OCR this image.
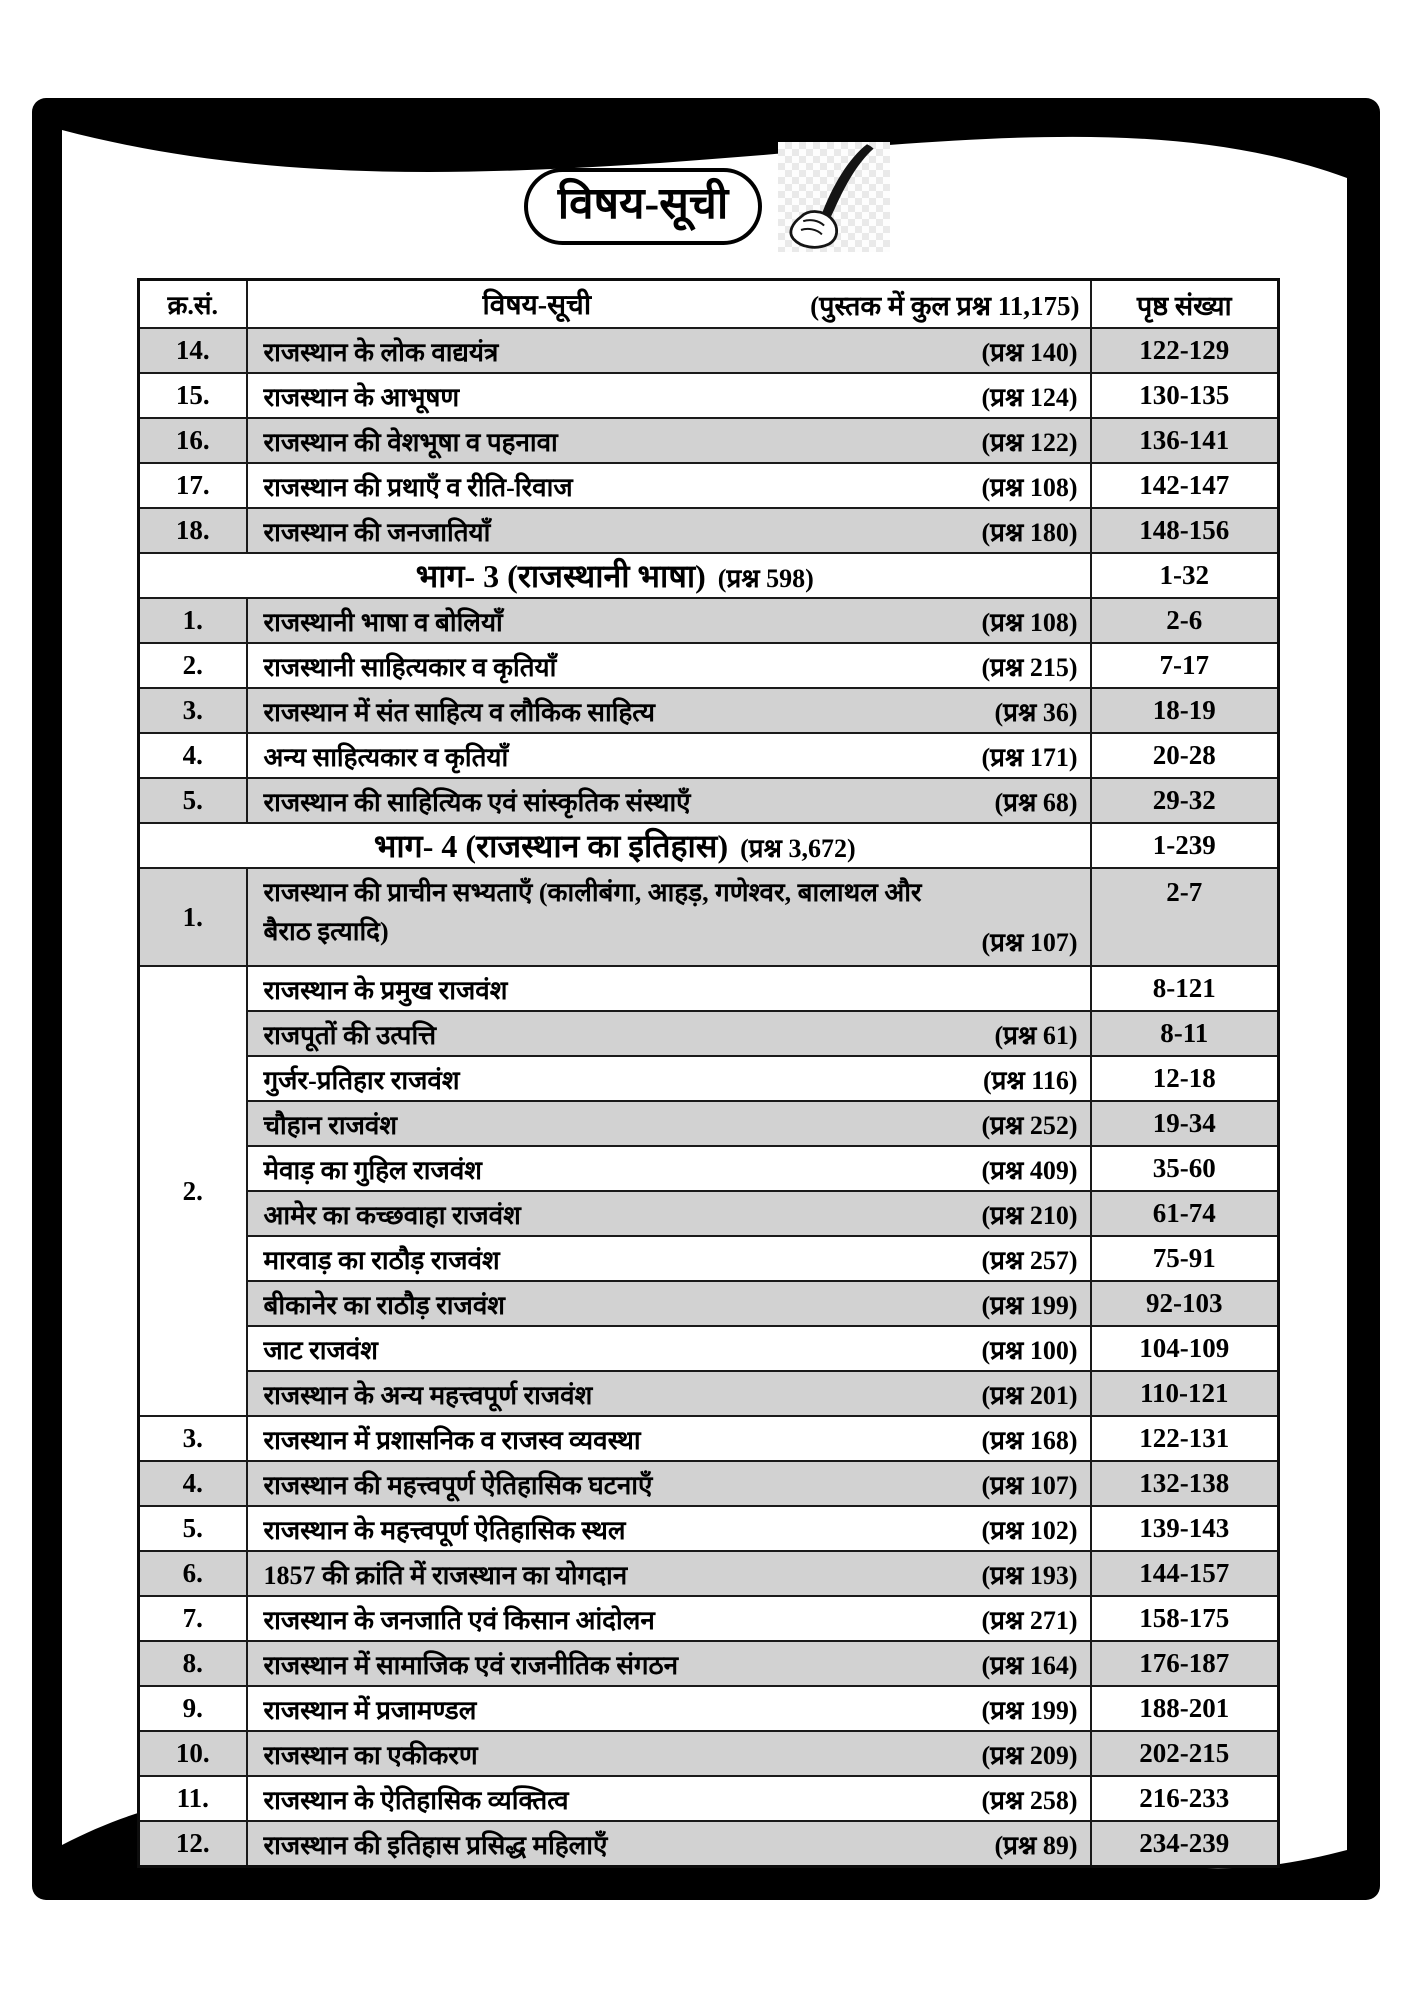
विषय-सूची
क्र.सं.	विषय-सूची (पुस्तक में कुल प्रश्न 11,175)	पृष्ठ संख्या
14.	राजस्थान के लोक वाद्ययंत्र (प्रश्न 140)	122-129
15.	राजस्थान के आभूषण (प्रश्न 124)	130-135
16.	राजस्थान की वेशभूषा व पहनावा (प्रश्न 122)	136-141
17.	राजस्थान की प्रथाएँ व रीति-रिवाज (प्रश्न 108)	142-147
18.	राजस्थान की जनजातियाँ (प्रश्न 180)	148-156

भाग- 3 (राजस्थानी भाषा) (प्रश्न 598)		1-32
1.	राजस्थानी भाषा व बोलियाँ (प्रश्न 108)	2-6
2.	राजस्थानी साहित्यकार व कृतियाँ (प्रश्न 215)	7-17
3.	राजस्थान में संत साहित्य व लौकिक साहित्य (प्रश्न 36)	18-19
4.	अन्य साहित्यकार व कृतियाँ (प्रश्न 171)	20-28
5.	राजस्थान की साहित्यिक एवं सांस्कृतिक संस्थाएँ (प्रश्न 68)	29-32

भाग- 4 (राजस्थान का इतिहास) (प्रश्न 3,672)		1-239
1.	राजस्थान की प्राचीन सभ्यताएँ (कालीबंगा, आहड़, गणेश्वर, बालाथल और बैराठ इत्यादि) (प्रश्न 107)	2-7
2.	राजस्थान के प्रमुख राजवंश	8-121

	राजपूतों की उत्पत्ति (प्रश्न 61)	8-11

	गुर्जर-प्रतिहार राजवंश (प्रश्न 116)	12-18

	चौहान राजवंश (प्रश्न 252)	19-34

	मेवाड़ का गुहिल राजवंश (प्रश्न 409)	35-60

	आमेर का कच्छवाहा राजवंश (प्रश्न 210)	61-74

	मारवाड़ का राठौड़ राजवंश (प्रश्न 257)	75-91

	बीकानेर का राठौड़ राजवंश (प्रश्न 199)	92-103

	जाट राजवंश (प्रश्न 100)	104-109

	राजस्थान के अन्य महत्त्वपूर्ण राजवंश (प्रश्न 201)	110-121
3.	राजस्थान में प्रशासनिक व राजस्व व्यवस्था (प्रश्न 168)	122-131
4.	राजस्थान की महत्त्वपूर्ण ऐतिहासिक घटनाएँ (प्रश्न 107)	132-138
5.	राजस्थान के महत्त्वपूर्ण ऐतिहासिक स्थल (प्रश्न 102)	139-143
6.	1857 की क्रांति में राजस्थान का योगदान (प्रश्न 193)	144-157
7.	राजस्थान के जनजाति एवं किसान आंदोलन (प्रश्न 271)	158-175
8.	राजस्थान में सामाजिक एवं राजनीतिक संगठन (प्रश्न 164)	176-187
9.	राजस्थान में प्रजामण्डल (प्रश्न 199)	188-201
10.	राजस्थान का एकीकरण (प्रश्न 209)	202-215
11.	राजस्थान के ऐतिहासिक व्यक्तित्व (प्रश्न 258)	216-233
12.	राजस्थान की इतिहास प्रसिद्ध महिलाएँ (प्रश्न 89)	234-239
